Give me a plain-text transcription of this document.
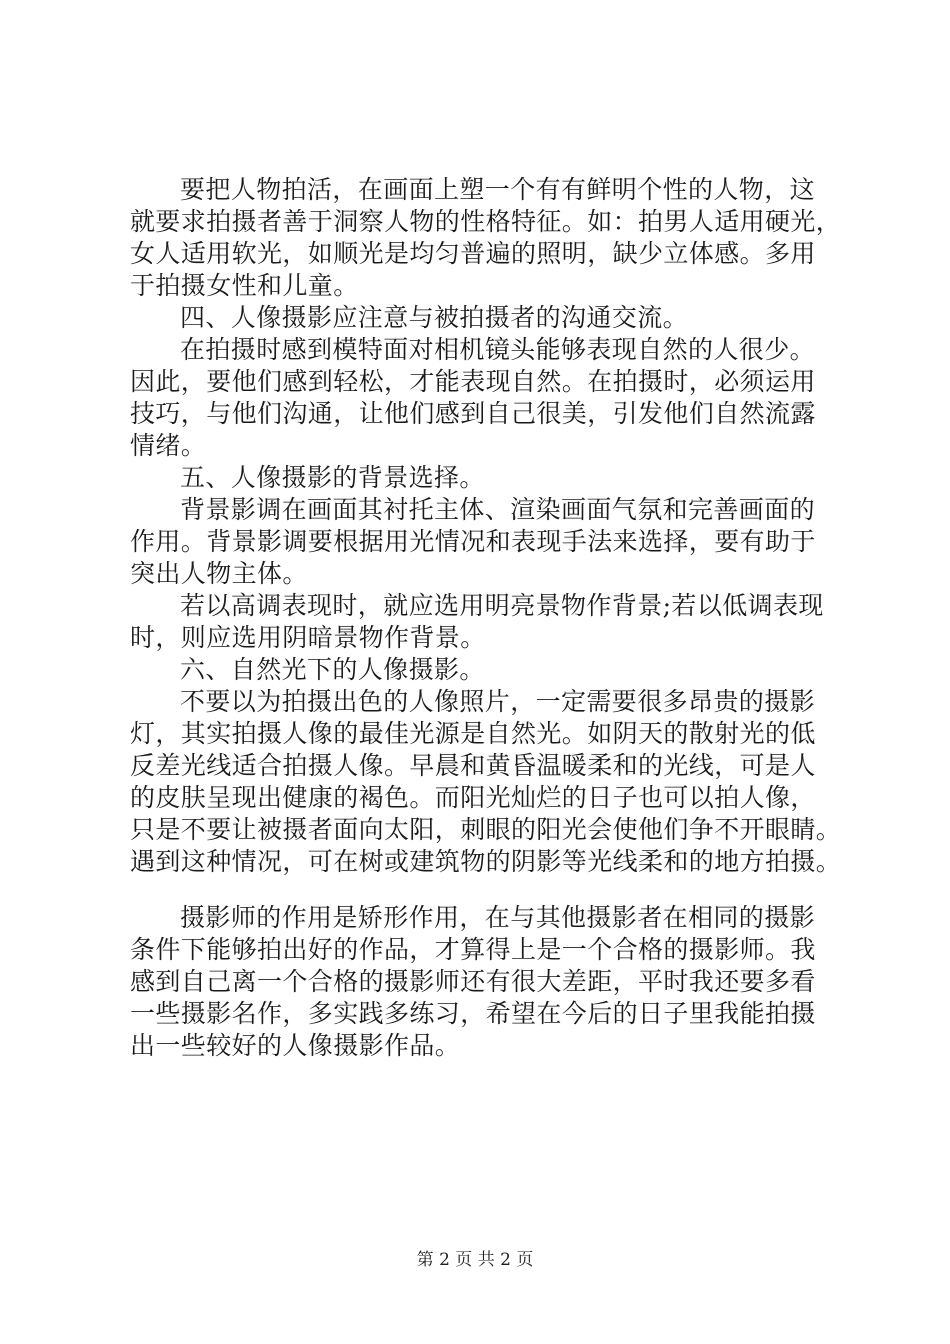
要把人物拍活，在画面上塑一个有有鲜明个性的人物，这
就要求拍摄者善于洞察人物的性格特征。如：拍男人适用硬光，
女人适用软光，如顺光是均匀普遍的照明，缺少立体感。多用
于拍摄女性和儿童。
四、人像摄影应注意与被拍摄者的沟通交流。
在拍摄时感到模特面对相机镜头能够表现自然的人很少。
因此，要他们感到轻松，才能表现自然。在拍摄时，必须运用
技巧，与他们沟通，让他们感到自己很美，引发他们自然流露
情绪。
五、人像摄影的背景选择。
背景影调在画面其衬托主体、渲染画面气氛和完善画面的
作用。背景影调要根据用光情况和表现手法来选择，要有助于
突出人物主体。
若以高调表现时，就应选用明亮景物作背景;若以低调表现
时，则应选用阴暗景物作背景。
六、自然光下的人像摄影。
不要以为拍摄出色的人像照片，一定需要很多昂贵的摄影
灯，其实拍摄人像的最佳光源是自然光。如阴天的散射光的低
反差光线适合拍摄人像。早晨和黄昏温暖柔和的光线，可是人
的皮肤呈现出健康的褐色。而阳光灿烂的日子也可以拍人像，
只是不要让被摄者面向太阳，刺眼的阳光会使他们争不开眼睛。
遇到这种情况，可在树或建筑物的阴影等光线柔和的地方拍摄。
摄影师的作用是矫形作用，在与其他摄影者在相同的摄影
条件下能够拍出好的作品，才算得上是一个合格的摄影师。我
感到自己离一个合格的摄影师还有很大差距，平时我还要多看
一些摄影名作，多实践多练习，希望在今后的日子里我能拍摄
出一些较好的人像摄影作品。
第 2 页 共 2 页
